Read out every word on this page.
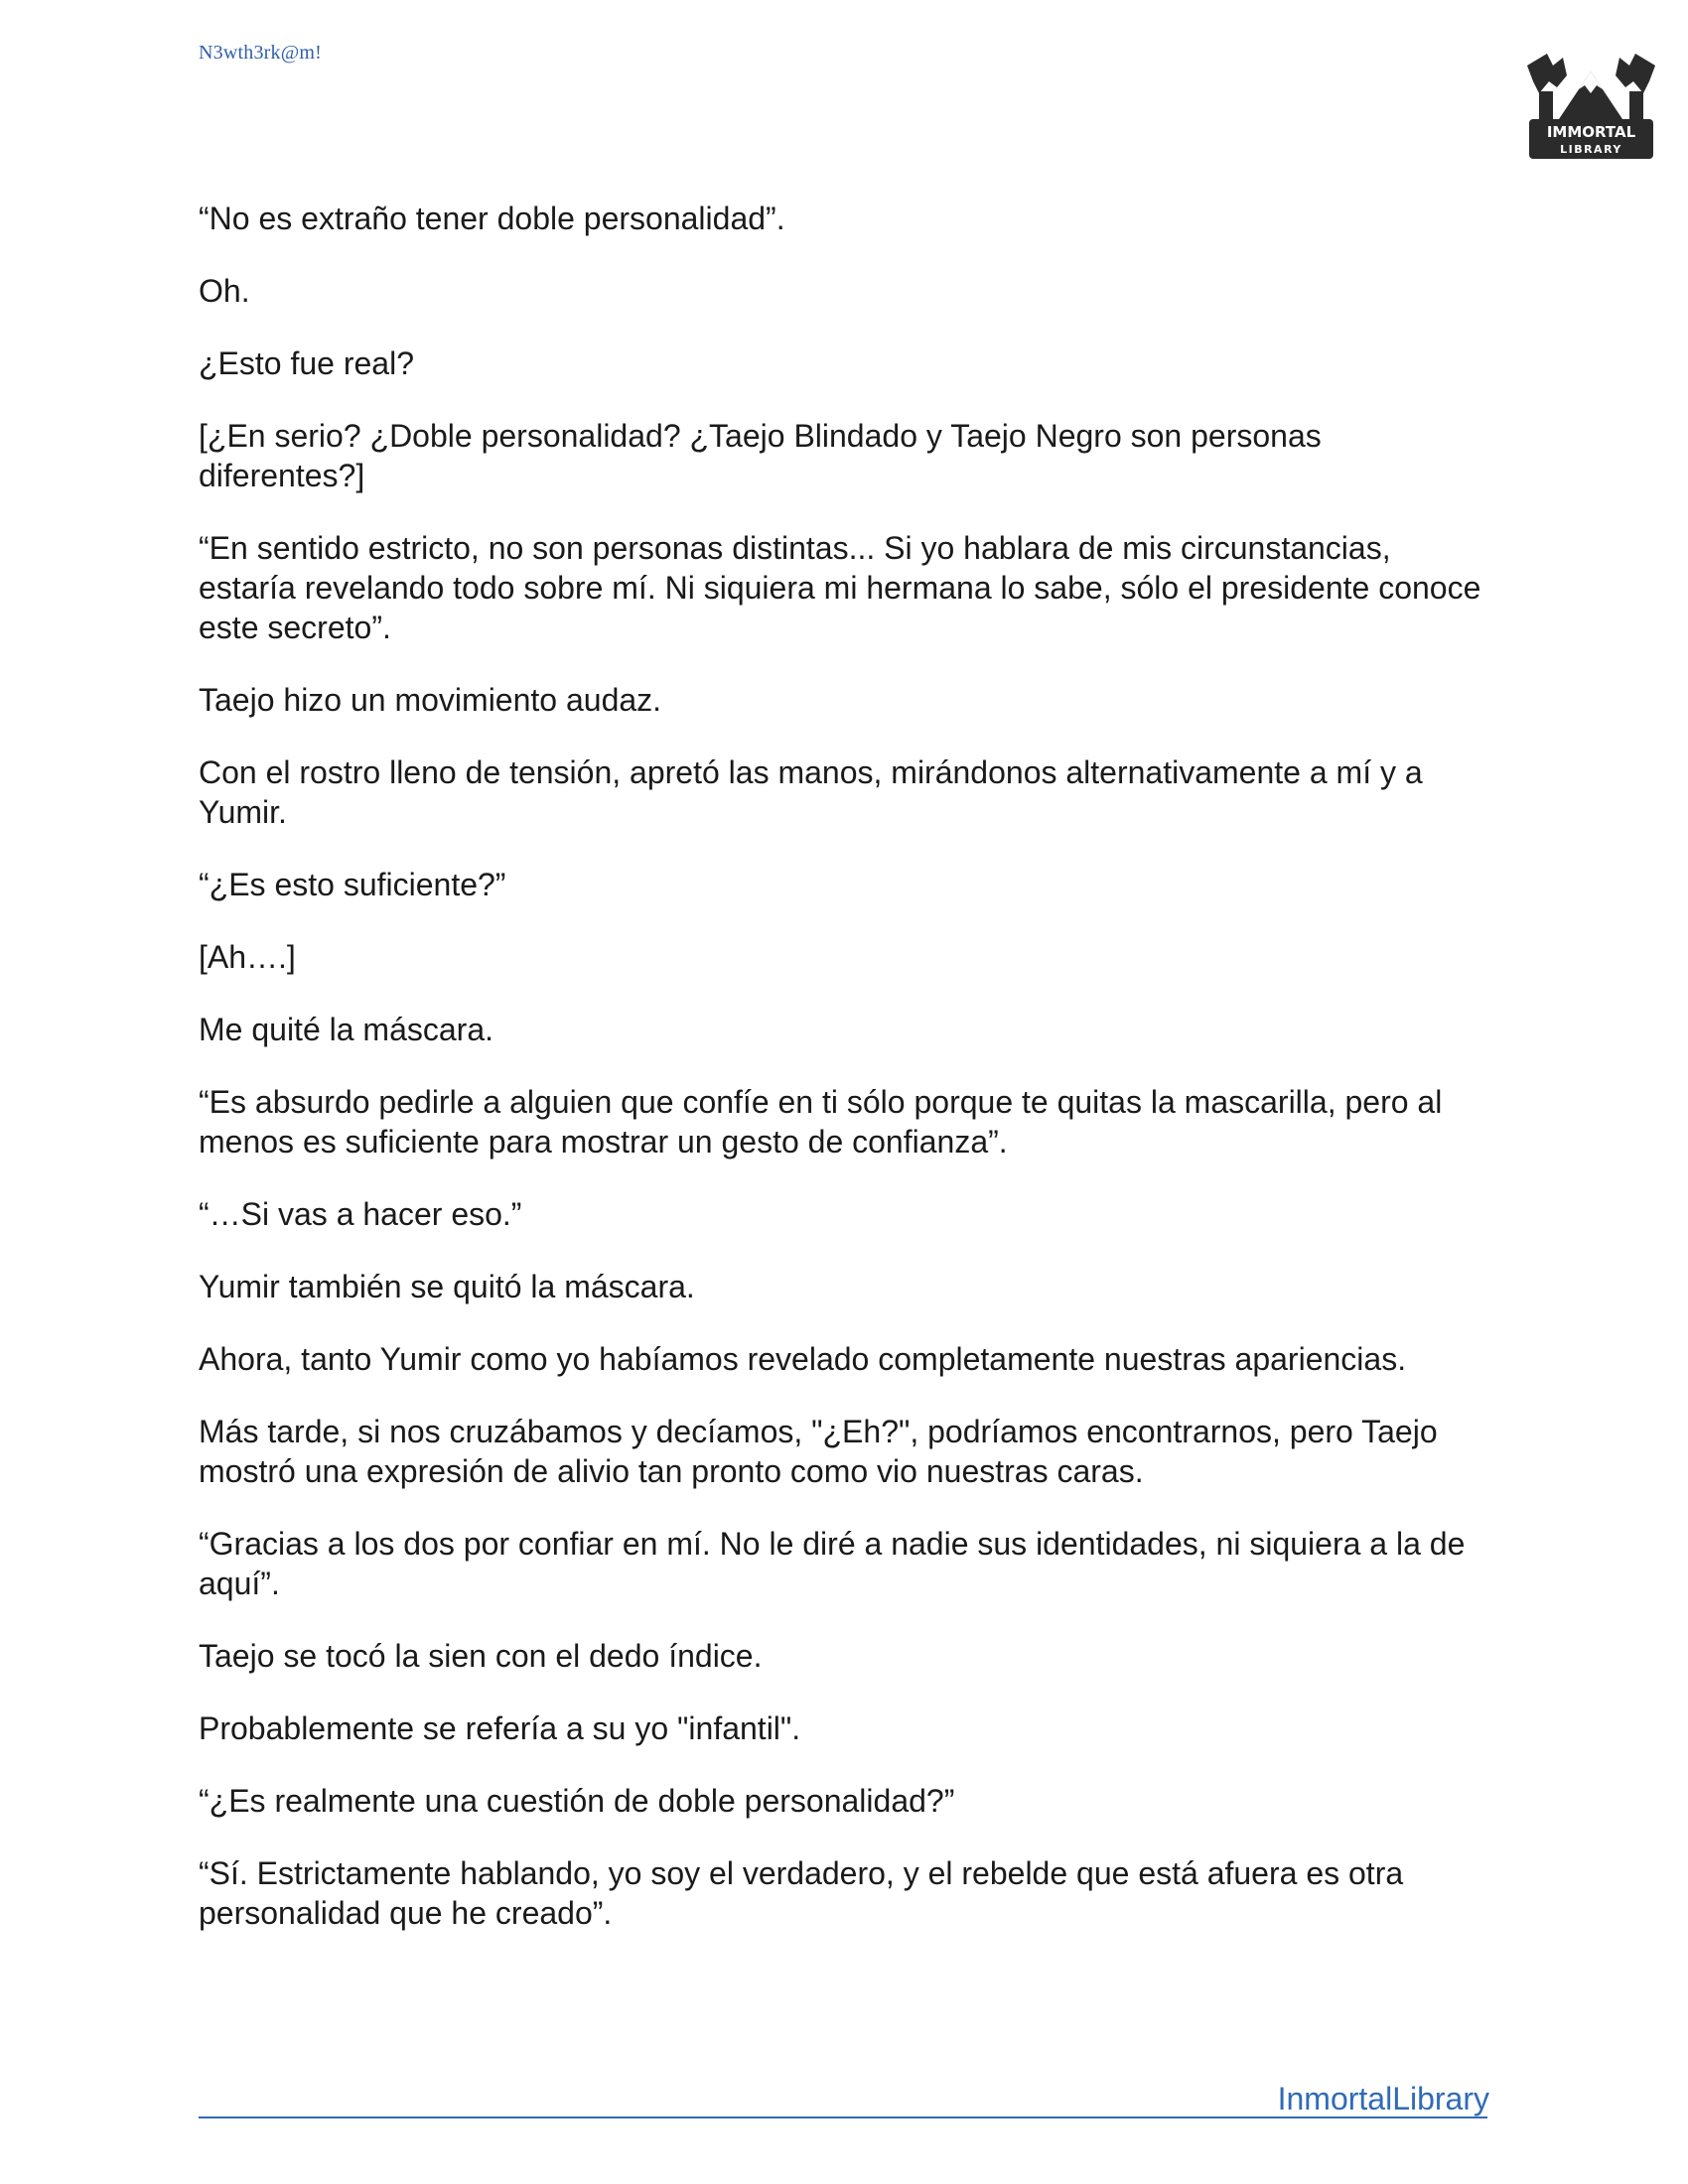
N3wth3rk@m!
IMMORTAL
LIBRARY

“No es extraño tener doble personalidad”.

Oh.

¿Esto fue real?

[¿En serio? ¿Doble personalidad? ¿Taejo Blindado y Taejo Negro son personas diferentes?]

“En sentido estricto, no son personas distintas... Si yo hablara de mis circunstancias, estaría revelando todo sobre mí. Ni siquiera mi hermana lo sabe, sólo el presidente conoce este secreto”.

Taejo hizo un movimiento audaz.

Con el rostro lleno de tensión, apretó las manos, mirándonos alternativamente a mí y a Yumir.

“¿Es esto suficiente?”

[Ah….]

Me quité la máscara.

“Es absurdo pedirle a alguien que confíe en ti sólo porque te quitas la mascarilla, pero al menos es suficiente para mostrar un gesto de confianza”.

“…Si vas a hacer eso.”

Yumir también se quitó la máscara.

Ahora, tanto Yumir como yo habíamos revelado completamente nuestras apariencias.

Más tarde, si nos cruzábamos y decíamos, "¿Eh?", podríamos encontrarnos, pero Taejo mostró una expresión de alivio tan pronto como vio nuestras caras.

“Gracias a los dos por confiar en mí. No le diré a nadie sus identidades, ni siquiera a la de aquí”.

Taejo se tocó la sien con el dedo índice.

Probablemente se refería a su yo "infantil".

“¿Es realmente una cuestión de doble personalidad?”

“Sí. Estrictamente hablando, yo soy el verdadero, y el rebelde que está afuera es otra personalidad que he creado”.

InmortalLibrary
